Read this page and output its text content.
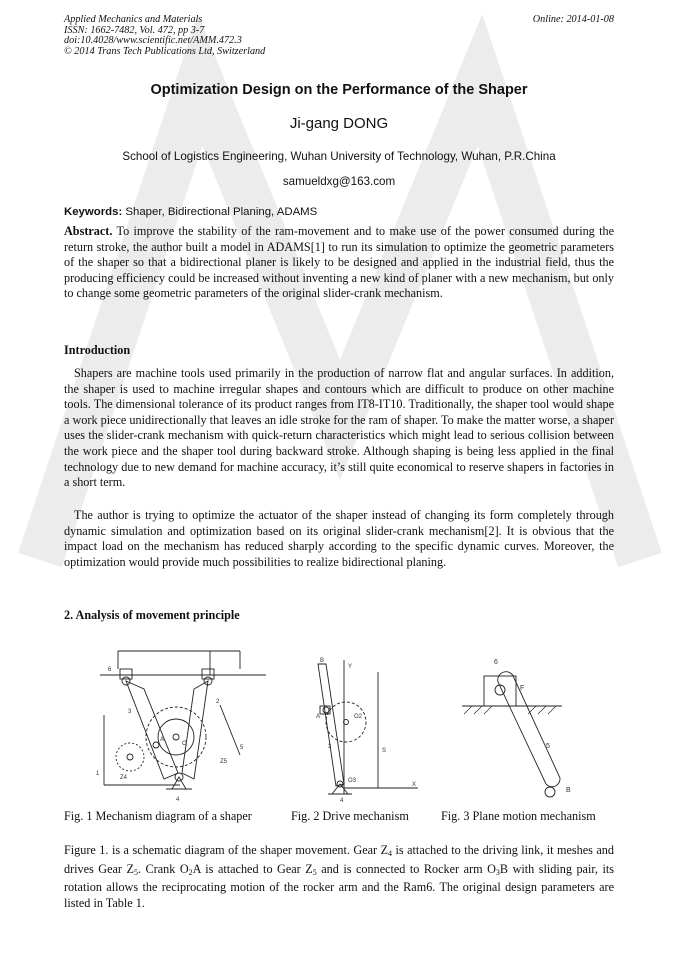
Applied Mechanics and Materials
ISSN: 1662-7482, Vol. 472, pp 3-7
doi:10.4028/www.scientific.net/AMM.472.3
© 2014 Trans Tech Publications Ltd, Switzerland
Online: 2014-01-08
Optimization Design on the Performance of the Shaper
Ji-gang DONG
School of Logistics Engineering, Wuhan University of Technology, Wuhan, P.R.China
samueldxg@163.com
Keywords: Shaper, Bidirectional Planing, ADAMS

Abstract. To improve the stability of the ram-movement and to make use of the power consumed during the return stroke, the author built a model in ADAMS[1] to run its simulation to optimize the geometric parameters of the shaper so that a bidirectional planer is likely to be designed and applied in the industrial field, thus the producing efficiency could be increased without inventing a new kind of planer with a new mechanism, but only to change some geometric parameters of the original slider-crank mechanism.

Introduction

Shapers are machine tools used primarily in the production of narrow flat and angular surfaces. In addition, the shaper is used to machine irregular shapes and contours which are difficult to produce on other machine tools. The dimensional tolerance of its product ranges from IT8-IT10. Traditionally, the shaper tool would shape a work piece unidirectionally that leaves an idle stroke for the ram of shaper. To make the matter worse, a shaper uses the slider-crank mechanism with quick-return characteristics which might lead to serious collision between the work piece and the shaper tool during backward stroke. Although shaping is being less applied in the final technology due to new demand for machine accuracy, it’s still quite economical to reserve shapers in factories in a short term.

The author is trying to optimize the actuator of the shaper instead of changing its form completely through dynamic simulation and optimization based on its original slider-crank mechanism[2]. It is obvious that the impact load on the mechanism has reduced sharply according to the specific dynamic curves. Moreover, the optimization would provide much possibilities to realize bidirectional planing.

2. Analysis of movement principle
6
3
2
4
1
Z5
Z4
A
O
5
B
Y
A	O2
O3
X
3
4
S
6
F
5
B
Fig. 1 Mechanism diagram of a shaper	Fig. 2 Drive mechanism	Fig. 3 Plane motion mechanism

Figure 1. is a schematic diagram of the shaper movement. Gear $Z_4$ is attached to the driving link, it meshes and drives Gear $Z_5$. Crank $O_2A$ is attached to Gear $Z_5$ and is connected to Rocker arm $O_3B$ with sliding pair, its rotation allows the reciprocating motion of the rocker arm and the Ram6. The original design parameters are listed in Table 1.
